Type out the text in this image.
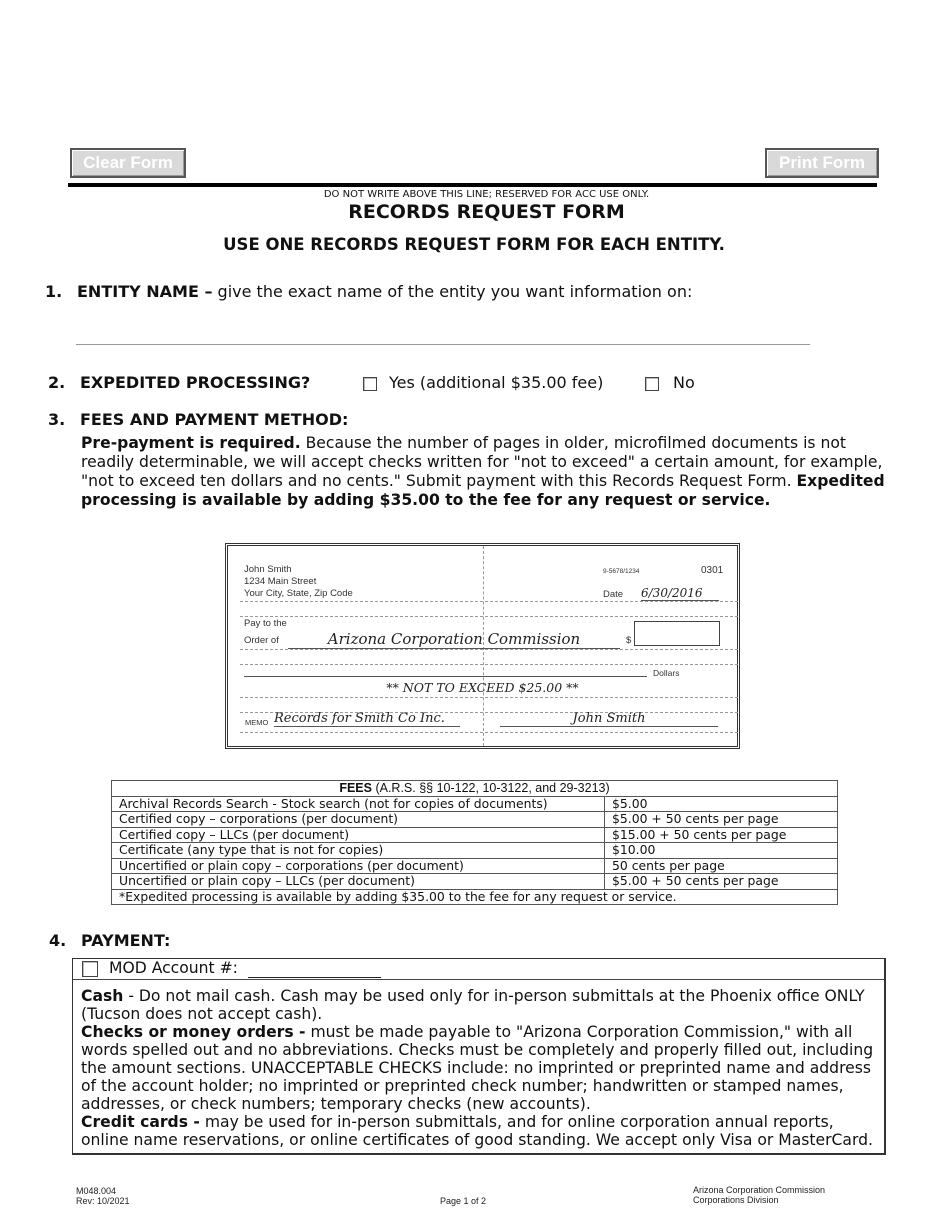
Clear Form	Print Form
DO NOT WRITE ABOVE THIS LINE; RESERVED FOR ACC USE ONLY.
RECORDS REQUEST FORM
USE ONE RECORDS REQUEST FORM FOR EACH ENTITY.
1. ENTITY NAME – give the exact name of the entity you want information on:
2. EXPEDITED PROCESSING?	Yes (additional $35.00 fee)	No
3. FEES AND PAYMENT METHOD:
Pre-payment is required. Because the number of pages in older, microfilmed documents is not readily determinable, we will accept checks written for "not to exceed" a certain amount, for example, "not to exceed ten dollars and no cents." Submit payment with this Records Request Form. Expedited processing is available by adding $35.00 to the fee for any request or service.
John Smith
1234 Main Street
Your City, State, Zip Code
9-5678/1234	0301
Date 6/30/2016
Pay to the
Order of	Arizona Corporation Commission	$
Dollars
** NOT TO EXCEED $25.00 **
MEMO Records for Smith Co Inc.	John Smith
FEES (A.R.S. §§ 10-122, 10-3122, and 29-3213)	
Archival Records Search - Stock search (not for copies of documents)	$5.00
Certified copy – corporations (per document)	$5.00 + 50 cents per page
Certified copy – LLCs (per document)	$15.00 + 50 cents per page
Certificate (any type that is not for copies)	$10.00
Uncertified or plain copy – corporations (per document)	50 cents per page
Uncertified or plain copy – LLCs (per document)	$5.00 + 50 cents per page
*Expedited processing is available by adding $35.00 to the fee for any request or service.	
4. PAYMENT:
MOD Account #:
Cash - Do not mail cash. Cash may be used only for in-person submittals at the Phoenix office ONLY (Tucson does not accept cash).
Checks or money orders - must be made payable to "Arizona Corporation Commission," with all words spelled out and no abbreviations. Checks must be completely and properly filled out, including the amount sections. UNACCEPTABLE CHECKS include: no imprinted or preprinted name and address of the account holder; no imprinted or preprinted check number; handwritten or stamped names, addresses, or check numbers; temporary checks (new accounts).
Credit cards - may be used for in-person submittals, and for online corporation annual reports, online name reservations, or online certificates of good standing. We accept only Visa or MasterCard.
M048.004
Rev: 10/2021	Page 1 of 2
Arizona Corporation Commission
Corporations Division
